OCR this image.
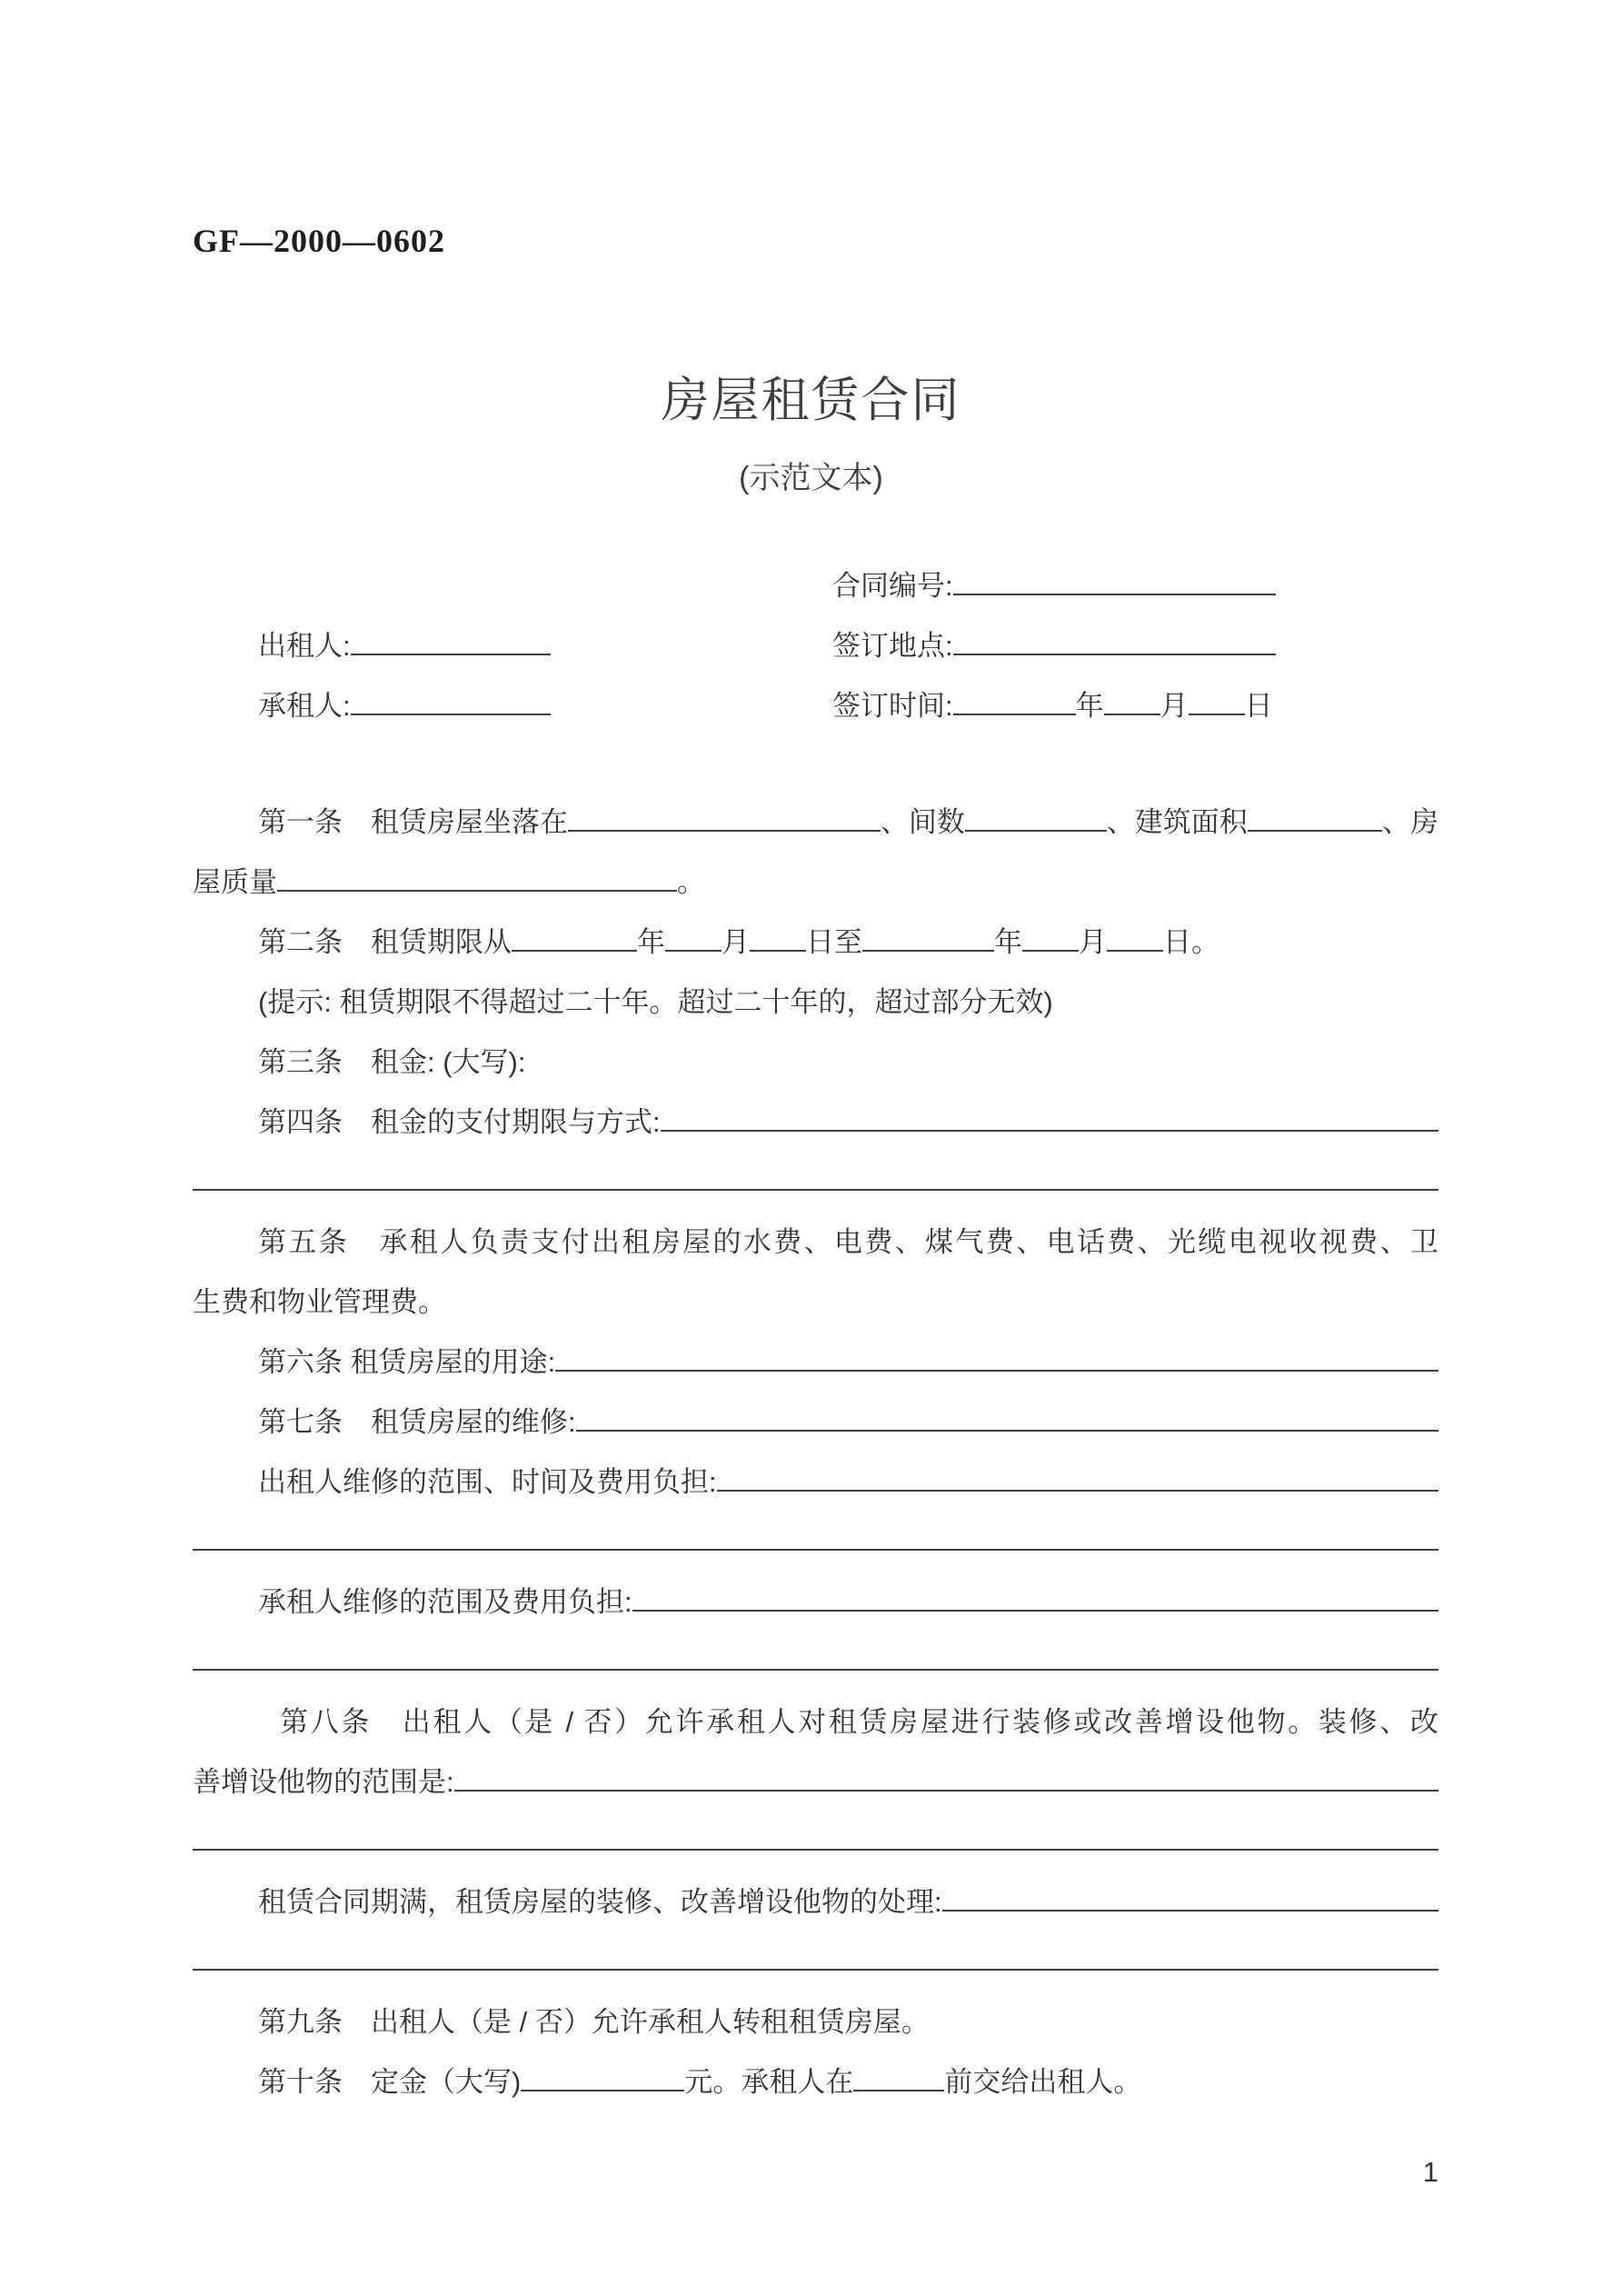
GF—2000—0602
房屋租赁合同
(示范文本)
合同编号:
出租人:	签订地点:
承租人:	签订时间:	年 月 日
第一条　租赁房屋坐落在	、间数	、建筑面积	、房
屋质量	。
第二条　租赁期限从	年 月 日至	年 月 日。
(提示: 租赁期限不得超过二十年。超过二十年的，超过部分无效)
第三条　租金: (大写):
第四条　租金的支付期限与方式:
第五条　承租人负责支付出租房屋的水费、电费、煤气费、电话费、光缆电视收视费、卫
生费和物业管理费。
第六条 租赁房屋的用途:
第七条　租赁房屋的维修:
出租人维修的范围、时间及费用负担:
承租人维修的范围及费用负担:
第八条　出租人（是 / 否）允许承租人对租赁房屋进行装修或改善增设他物。装修、改
善增设他物的范围是:
租赁合同期满，租赁房屋的装修、改善增设他物的处理:
第九条　出租人（是 / 否）允许承租人转租租赁房屋。
第十条　定金（大写)	元。承租人在	前交给出租人。
1
